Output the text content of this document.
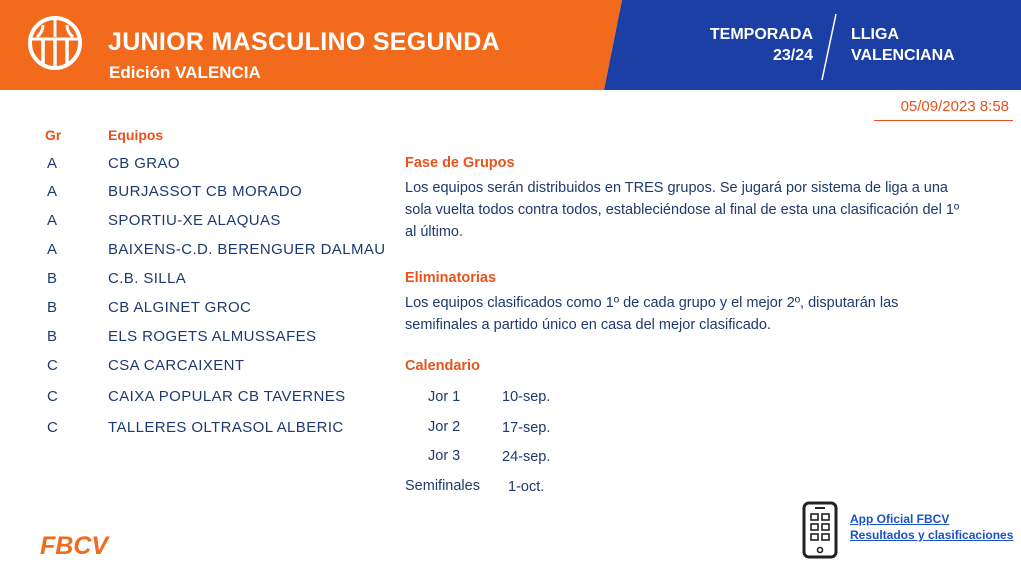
JUNIOR MASCULINO SEGUNDA
Edición VALENCIA
TEMPORADA
23/24
LLIGA
VALENCIANA
05/09/2023 8:58
Gr	Equipos
A	CB GRAO
A	BURJASSOT CB MORADO
A	SPORTIU-XE ALAQUAS
A	BAIXENS-C.D. BERENGUER DALMAU
B	C.B. SILLA
B	CB ALGINET GROC
B	ELS ROGETS ALMUSSAFES
C	CSA CARCAIXENT
C	CAIXA POPULAR CB TAVERNES
C	TALLERES OLTRASOL ALBERIC
Fase de Grupos
Los equipos serán distribuidos en TRES grupos. Se jugará por sistema de liga a una
sola vuelta todos contra todos, estableciéndose al final de esta una clasificación del 1º
al último.
Eliminatorias
Los equipos clasificados como 1º de cada grupo y el mejor 2º, disputarán las
semifinales a partido único en casa del mejor clasificado.
Calendario
Jor 1	10-sep.
Jor 2	17-sep.
Jor 3	24-sep.
Semifinales 1-oct.
FBCV
App Oficial FBCV
Resultados y clasificaciones
